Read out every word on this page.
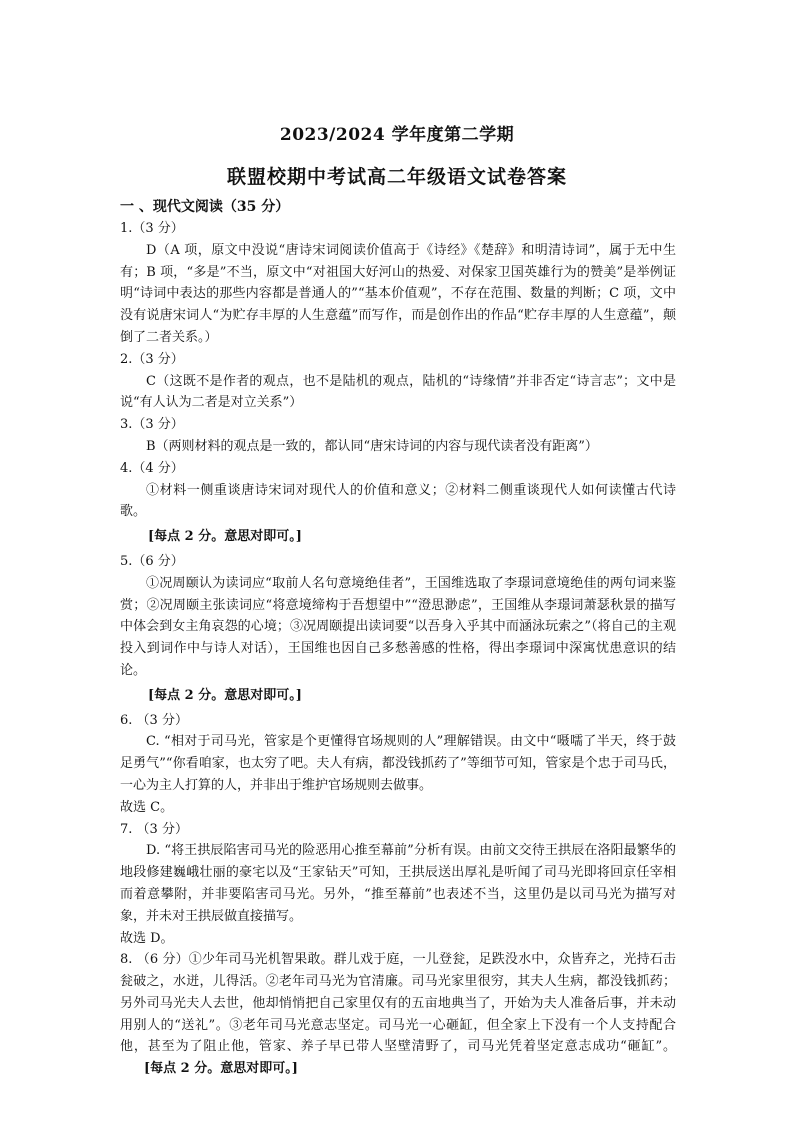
2023/2024 学年度第二学期
联盟校期中考试高二年级语文试卷答案
一 、现代文阅读（35 分）

1.（3 分）

D（A 项，原文中没说“唐诗宋词阅读价值高于《诗经》《楚辞》和明清诗词”，属于无中生有；B 项，“多是”不当，原文中“对祖国大好河山的热爱、对保家卫国英雄行为的赞美”是举例证明“诗词中表达的那些内容都是普通人的”“基本价值观”，不存在范围、数量的判断；C 项，文中没有说唐宋词人“为贮存丰厚的人生意蕴”而写作，而是创作出的作品“贮存丰厚的人生意蕴”，颠倒了二者关系。）

2.（3 分）

C（这既不是作者的观点，也不是陆机的观点，陆机的“诗缘情”并非否定“诗言志”；文中是说“有人认为二者是对立关系”）

3.（3 分）

B（两则材料的观点是一致的，都认同“唐宋诗词的内容与现代读者没有距离”）

4.（4 分）

①材料一侧重谈唐诗宋词对现代人的价值和意义；②材料二侧重谈现代人如何读懂古代诗歌。

[每点 2 分。意思对即可。]

5.（6 分）

①况周颐认为读词应“取前人名句意境绝佳者”，王国维选取了李璟词意境绝佳的两句词来鉴赏；②况周颐主张读词应“将意境缔构于吾想望中”“澄思渺虑”，王国维从李璟词萧瑟秋景的描写中体会到女主角哀怨的心境；③况周颐提出读词要“以吾身入乎其中而涵泳玩索之”（将自己的主观投入到词作中与诗人对话），王国维也因自己多愁善感的性格，得出李璟词中深寓忧患意识的结论。

[每点 2 分。意思对即可。]

6. （3 分）

C. “相对于司马光，管家是个更懂得官场规则的人”理解错误。由文中“嗫嚅了半天，终于鼓足勇气”“你看咱家，也太穷了吧。夫人有病，都没钱抓药了”等细节可知，管家是个忠于司马氏，一心为主人打算的人，并非出于维护官场规则去做事。

故选 C。

7. （3 分）

D. “将王拱辰陷害司马光的险恶用心推至幕前”分析有误。由前文交待王拱辰在洛阳最繁华的地段修建巍峨壮丽的豪宅以及“王家钻天”可知，王拱辰送出厚礼是听闻了司马光即将回京任宰相而着意攀附，并非要陷害司马光。另外，“推至幕前”也表述不当，这里仍是以司马光为描写对象，并未对王拱辰做直接描写。

故选 D。

8. （6 分）①少年司马光机智果敢。群儿戏于庭，一儿登瓮，足跌没水中，众皆弃之，光持石击瓮破之，水迸，儿得活。②老年司马光为官清廉。司马光家里很穷，其夫人生病，都没钱抓药；另外司马光夫人去世，他却悄悄把自己家里仅有的五亩地典当了，开始为夫人准备后事，并未动用别人的“送礼”。③老年司马光意志坚定。司马光一心砸缸，但全家上下没有一个人支持配合他，甚至为了阻止他，管家、养子早已带人坚壁清野了，司马光凭着坚定意志成功“砸缸”。[每点 2 分。意思对即可。]
